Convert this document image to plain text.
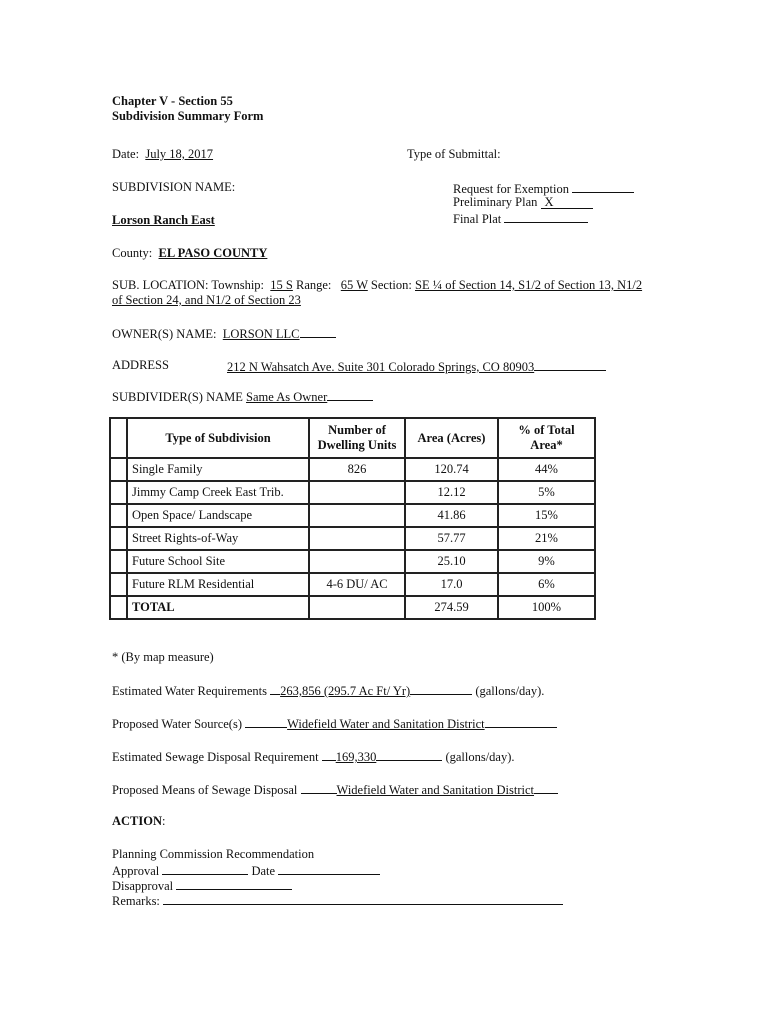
Chapter V - Section 55
Subdivision Summary Form
Date: July 18, 2017	Type of Submittal:
Request for Exemption
Preliminary Plan X
Final Plat
SUBDIVISION NAME:
Lorson Ranch East
County: EL PASO COUNTY
SUB. LOCATION: Township: 15 S Range: 65 W Section: SE ¼ of Section 14, S1/2 of Section 13, N1/2
of Section 24, and N1/2 of Section 23
OWNER(S) NAME: LORSON LLC
ADDRESS	212 N Wahsatch Ave. Suite 301 Colorado Springs, CO 80903
SUBDIVIDER(S) NAME Same As Owner
	Type of Subdivision	Number of Dwelling Units	Area (Acres)	% of Total Area*
	Single Family	826	120.74	44%
	Jimmy Camp Creek East Trib.		12.12	5%
	Open Space/ Landscape		41.86	15%
	Street Rights-of-Way		57.77	21%
	Future School Site		25.10	9%
	Future RLM Residential	4-6 DU/ AC	17.0	6%
	TOTAL		274.59	100%
* (By map measure)
Estimated Water Requirements 263,856 (295.7 Ac Ft/ Yr)	(gallons/day).
Proposed Water Source(s)	Widefield Water and Sanitation District
Estimated Sewage Disposal Requirement 169,330	(gallons/day).
Proposed Means of Sewage Disposal	Widefield Water and Sanitation District
ACTION:
Planning Commission Recommendation
Approval	Date
Disapproval
Remarks:
